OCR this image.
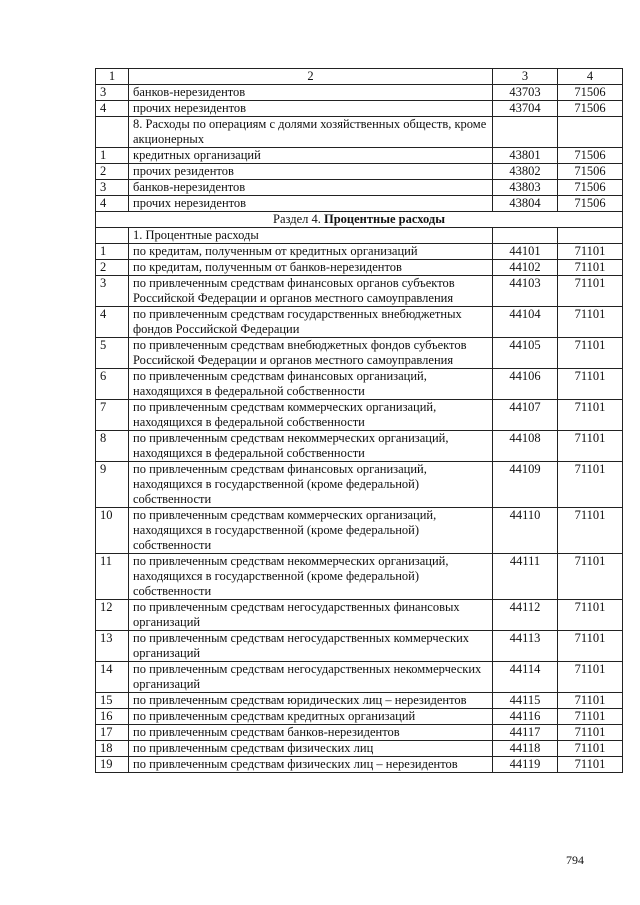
1	2	3	4
3	банков-нерезидентов	43703	71506
4	прочих нерезидентов	43704	71506
	8. Расходы по операциям с долями хозяйственных обществ, кроме акционерных		
1	кредитных организаций	43801	71506
2	прочих резидентов	43802	71506
3	банков-нерезидентов	43803	71506
4	прочих нерезидентов	43804	71506
Раздел 4. Процентные расходы			
	1. Процентные расходы		
1	по кредитам, полученным от кредитных организаций	44101	71101
2	по кредитам, полученным от банков-нерезидентов	44102	71101
3	по привлеченным средствам финансовых органов субъектов Российской Федерации и органов местного самоуправления	44103	71101
4	по привлеченным средствам государственных внебюджетных фондов Российской Федерации	44104	71101
5	по привлеченным средствам внебюджетных фондов субъектов Российской Федерации и органов местного самоуправления	44105	71101
6	по привлеченным средствам финансовых организаций, находящихся в федеральной собственности	44106	71101
7	по привлеченным средствам коммерческих организаций, находящихся в федеральной собственности	44107	71101
8	по привлеченным средствам некоммерческих организаций, находящихся в федеральной собственности	44108	71101
9	по привлеченным средствам финансовых организаций, находящихся в государственной (кроме федеральной) собственности	44109	71101
10	по привлеченным средствам коммерческих организаций, находящихся в государственной (кроме федеральной) собственности	44110	71101
11	по привлеченным средствам некоммерческих организаций, находящихся в государственной (кроме федеральной) собственности	44111	71101
12	по привлеченным средствам негосударственных финансовых организаций	44112	71101
13	по привлеченным средствам негосударственных коммерческих организаций	44113	71101
14	по привлеченным средствам негосударственных некоммерческих организаций	44114	71101
15	по привлеченным средствам юридических лиц – нерезидентов	44115	71101
16	по привлеченным средствам кредитных организаций	44116	71101
17	по привлеченным средствам банков-нерезидентов	44117	71101
18	по привлеченным средствам физических лиц	44118	71101
19	по привлеченным средствам физических лиц – нерезидентов	44119	71101
794
